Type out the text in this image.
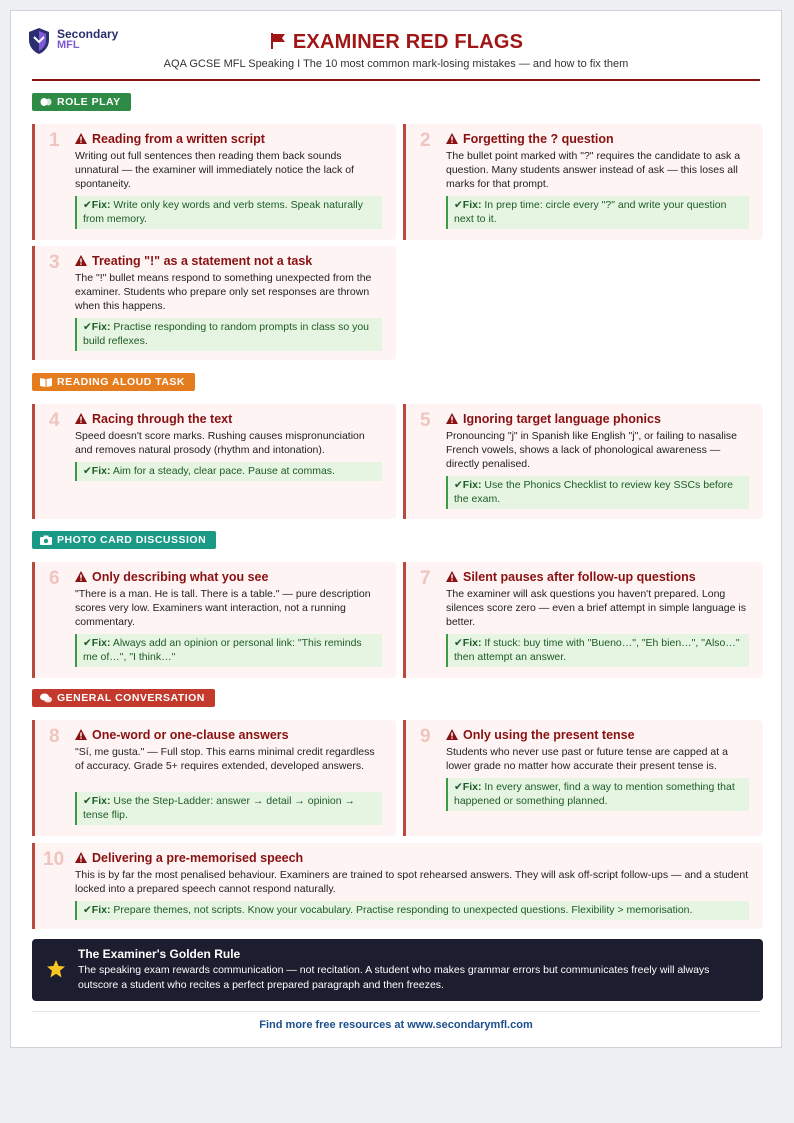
Secondary
MFL	EXAMINER RED FLAGS
AQA GCSE MFL Speaking I The 10 most common mark-losing mistakes — and how to fix them
ROLE PLAY
1	Reading from a written script
Writing out full sentences then reading them back sounds unnatural — the examiner will immediately notice the lack of spontaneity.
✔Fix: Write only key words and verb stems. Speak naturally from memory.
2	Forgetting the ? question
The bullet point marked with "?" requires the candidate to ask a question. Many students answer instead of ask — this loses all marks for that prompt.
✔Fix: In prep time: circle every "?" and write your question next to it.
3	Treating "!" as a statement not a task
The "!" bullet means respond to something unexpected from the examiner. Students who prepare only set responses are thrown when this happens.
✔Fix: Practise responding to random prompts in class so you build reflexes.
READING ALOUD TASK
4	Racing through the text
Speed doesn't score marks. Rushing causes mispronunciation and removes natural prosody (rhythm and intonation).
✔Fix: Aim for a steady, clear pace. Pause at commas.
5	Ignoring target language phonics
Pronouncing "j" in Spanish like English "j", or failing to nasalise French vowels, shows a lack of phonological awareness — directly penalised.
✔Fix: Use the Phonics Checklist to review key SSCs before the exam.
PHOTO CARD DISCUSSION
6	Only describing what you see
"There is a man. He is tall. There is a table." — pure description scores very low. Examiners want interaction, not a running commentary.
✔Fix: Always add an opinion or personal link: "This reminds me of…", "I think…"
7	Silent pauses after follow-up questions
The examiner will ask questions you haven't prepared. Long silences score zero — even a brief attempt in simple language is better.
✔Fix: If stuck: buy time with "Bueno…", "Eh bien…", "Also…" then attempt an answer.
GENERAL CONVERSATION
8	One-word or one-clause answers
"Sí, me gusta." — Full stop. This earns minimal credit regardless of accuracy. Grade 5+ requires extended, developed answers.
✔Fix: Use the Step-Ladder: answer → detail → opinion → tense flip.
9	Only using the present tense
Students who never use past or future tense are capped at a lower grade no matter how accurate their present tense is.
✔Fix: In every answer, find a way to mention something that happened or something planned.
10	Delivering a pre-memorised speech
This is by far the most penalised behaviour. Examiners are trained to spot rehearsed answers. They will ask off-script follow-ups — and a student locked into a prepared speech cannot respond naturally.
✔Fix: Prepare themes, not scripts. Know your vocabulary. Practise responding to unexpected questions. Flexibility > memorisation.
The Examiner's Golden Rule
The speaking exam rewards communication — not recitation. A student who makes grammar errors but communicates freely will always outscore a student who recites a perfect prepared paragraph and then freezes.
Find more free resources at www.secondarymfl.com
